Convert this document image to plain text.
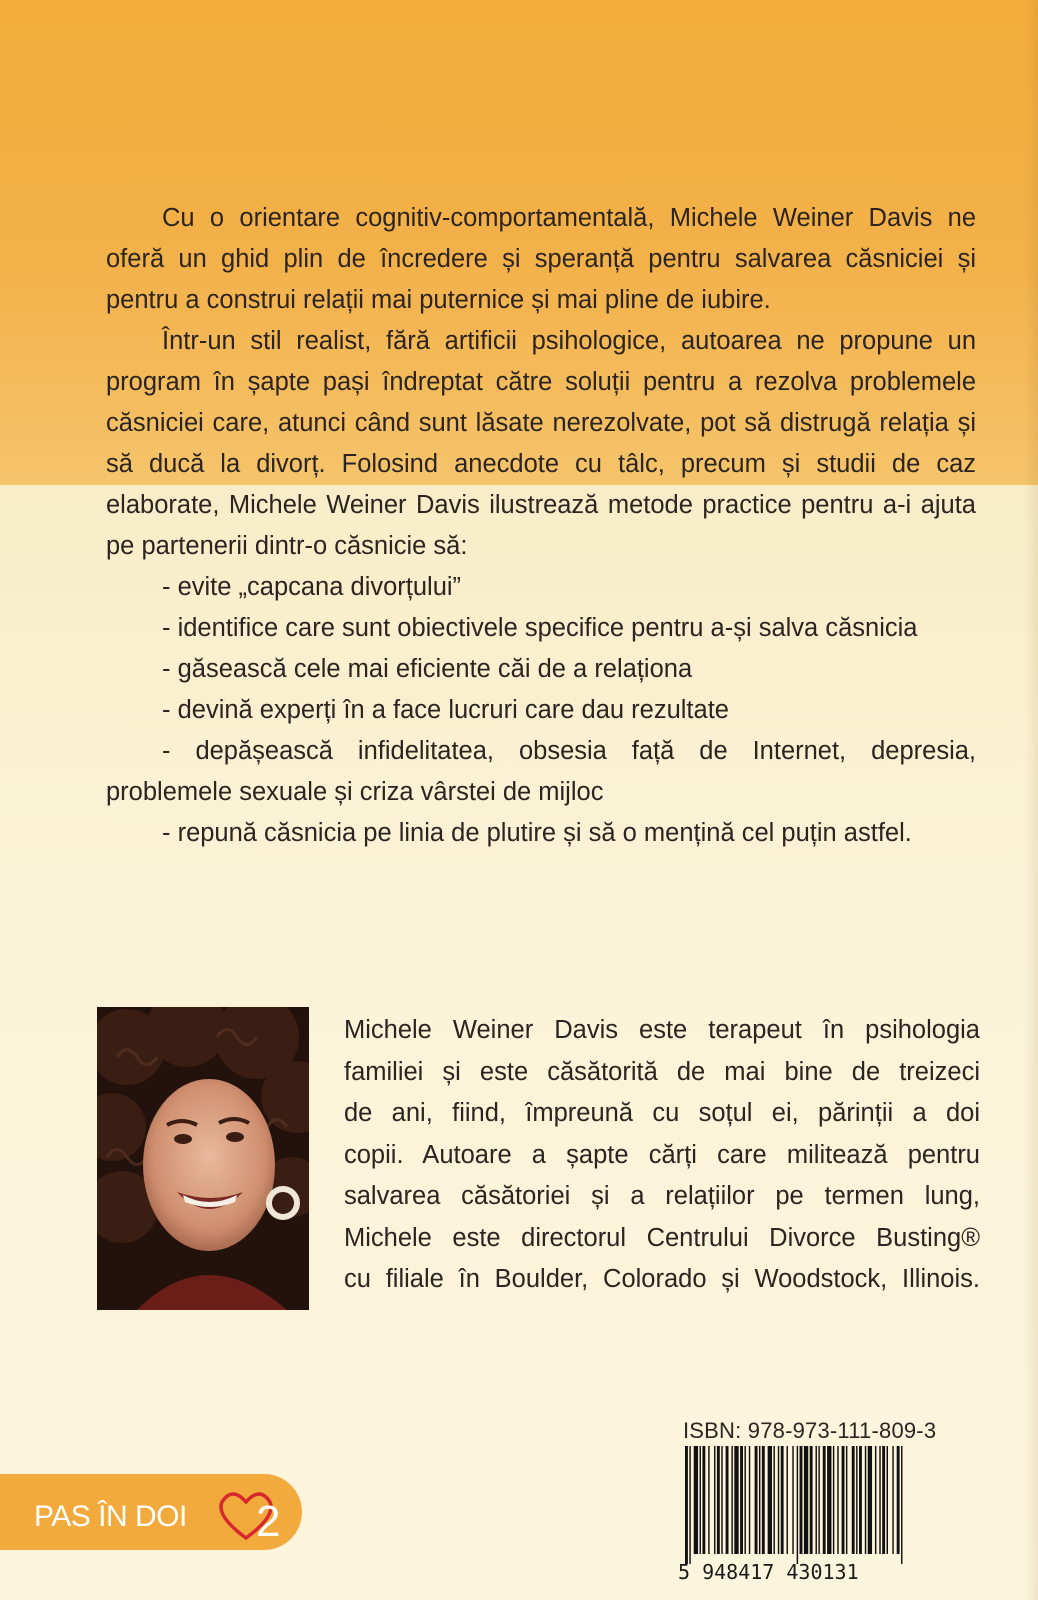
Cu o orientare cognitiv-comportamentală, Michele Weiner Davis ne oferă un ghid plin de încredere și speranță pentru salvarea căsniciei și pentru a construi relații mai puternice și mai pline de iubire.

Într-un stil realist, fără artificii psihologice, autoarea ne propune un program în șapte pași îndreptat către soluții pentru a rezolva problemele căsniciei care, atunci când sunt lăsate nerezolvate, pot să distrugă relația și să ducă la divorț. Folosind anecdote cu tâlc, precum și studii de caz elaborate, Michele Weiner Davis ilustrează metode practice pentru a-i ajuta pe partenerii dintr-o căsnicie să:

- evite „capcana divorțului”
- identifice care sunt obiectivele specifice pentru a-și salva căsnicia
- găsească cele mai eficiente căi de a relaționa
- devină experți în a face lucruri care dau rezultate
- depășească infidelitatea, obsesia față de Internet, depresia, problemele sexuale și criza vârstei de mijloc
- repună căsnicia pe linia de plutire și să o mențină cel puțin astfel.
Michele Weiner Davis este terapeut în psihologia
familiei și este căsătorită de mai bine de treizeci
de ani, fiind, împreună cu soțul ei, părinții a doi
copii. Autoare a șapte cărți care militează pentru
salvarea căsătoriei și a relațiilor pe termen lung,
Michele este directorul Centrului Divorce Busting®
cu filiale în Boulder, Colorado și Woodstock, Illinois.
ISBN: 978-973-111-809-3
5 948417 430131
PAS ÎN DOI 2
